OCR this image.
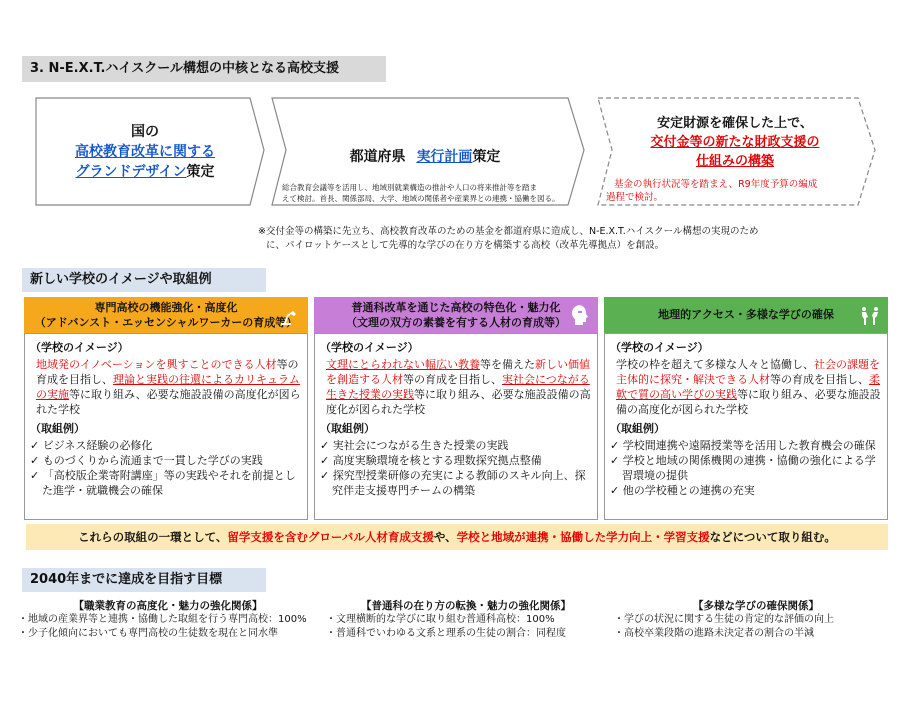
3. N-E.X.T.ハイスクール構想の中核となる高校支援
国の
高校教育改革に関する
グランドデザイン策定
都道府県 実行計画策定
総合教育会議等を活用し、地域別就業構造の推計や人口の将来推計等を踏ま
えて検討。首長、関係部局、大学、地域の関係者や産業界との連携・協働を図る。
安定財源を確保した上で、
交付金等の新たな財政支援の
仕組みの構築
基金の執行状況等を踏まえ、R9年度予算の編成
過程で検討。
※交付金等の構築に先立ち、高校教育改革のための基金を都道府県に造成し、N-E.X.T.ハイスクール構想の実現のため
に、パイロットケースとして先導的な学びの在り方を構築する高校（改革先導拠点）を創設。
新しい学校のイメージや取組例
専門高校の機能強化・高度化
（アドバンスト・エッセンシャルワーカーの育成等）
（学校のイメージ）
地域発のイノベーションを興すことのできる人材等の育成を目指し、理論と実践の往還によるカリキュラムの実施等に取り組み、必要な施設設備の高度化が図られた学校
（取組例）
✓ ビジネス経験の必修化
✓ ものづくりから流通まで一貫した学びの実践
✓ 「高校版企業寄附講座」等の実践やそれを前提とした進学・就職機会の確保
普通科改革を通じた高校の特色化・魅力化
（文理の双方の素養を有する人材の育成等）
（学校のイメージ）
文理にとらわれない幅広い教養等を備えた新しい価値を創造する人材等の育成を目指し、実社会につながる生きた授業の実践等に取り組み、必要な施設設備の高度化が図られた学校
（取組例）
✓ 実社会につながる生きた授業の実践
✓ 高度実験環境を核とする理数探究拠点整備
✓ 探究型授業研修の充実による教師のスキル向上、探究伴走支援専門チームの構築
地理的アクセス・多様な学びの確保
（学校のイメージ）
学校の枠を超えて多様な人々と協働し、社会の課題を主体的に探究・解決できる人材等の育成を目指し、柔軟で質の高い学びの実践等に取り組み、必要な施設設備の高度化が図られた学校
（取組例）
✓ 学校間連携や遠隔授業等を活用した教育機会の確保
✓ 学校と地域の関係機関の連携・協働の強化による学習環境の提供
✓ 他の学校種との連携の充実
これらの取組の一環として、留学支援を含むグローバル人材育成支援や、学校と地域が連携・協働した学力向上・学習支援などについて取り組む。
2040年までに達成を目指す目標
【職業教育の高度化・魅力の強化関係】
・地域の産業界等と連携・協働した取組を行う専門高校：100%
・少子化傾向においても専門高校の生徒数を現在と同水準
【普通科の在り方の転換・魅力の強化関係】
・文理横断的な学びに取り組む普通科高校：100%
・普通科でいわゆる文系と理系の生徒の割合：同程度
【多様な学びの確保関係】
・学びの状況に関する生徒の肯定的な評価の向上
・高校卒業段階の進路未決定者の割合の半減
